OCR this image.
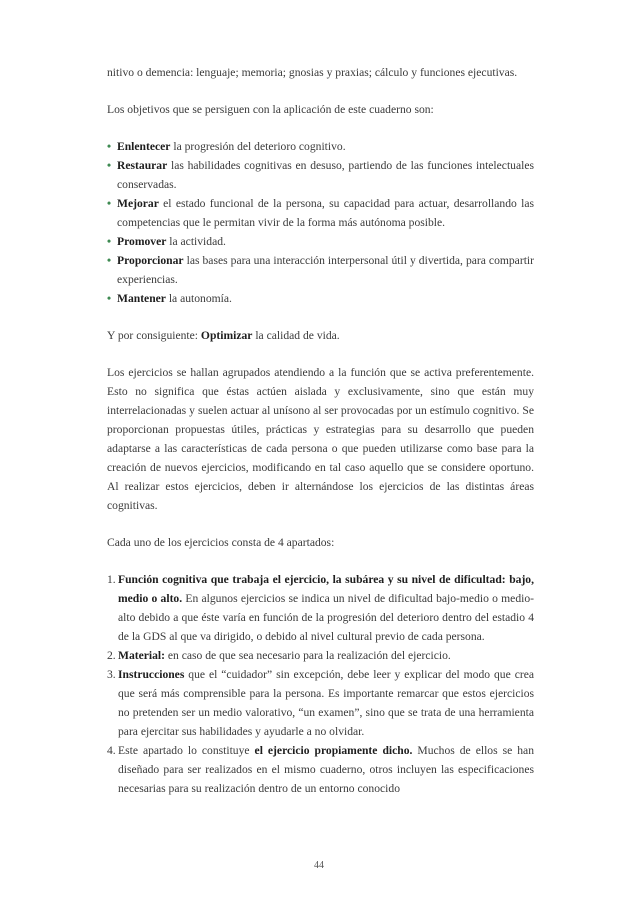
nitivo o demencia: lenguaje; memoria; gnosias y praxias; cálculo y funciones ejecutivas.

Los objetivos que se persiguen con la aplicación de este cuaderno son:

• Enlentecer la progresión del deterioro cognitivo.

• Restaurar las habilidades cognitivas en desuso, partiendo de las funciones intelectuales conservadas.

• Mejorar el estado funcional de la persona, su capacidad para actuar, desarrollando las competencias que le permitan vivir de la forma más autónoma posible.

• Promover la actividad.

• Proporcionar las bases para una interacción interpersonal útil y divertida, para compartir experiencias.

• Mantener la autonomía.

Y por consiguiente: Optimizar la calidad de vida.

Los ejercicios se hallan agrupados atendiendo a la función que se activa preferentemente. Esto no significa que éstas actúen aislada y exclusivamente, sino que están muy interrelacionadas y suelen actuar al unísono al ser provocadas por un estímulo cognitivo. Se proporcionan propuestas útiles, prácticas y estrategias para su desarrollo que pueden adaptarse a las características de cada persona o que pueden utilizarse como base para la creación de nuevos ejercicios, modificando en tal caso aquello que se considere oportuno. Al realizar estos ejercicios, deben ir alternándose los ejercicios de las distintas áreas cognitivas.

Cada uno de los ejercicios consta de 4 apartados:

1. Función cognitiva que trabaja el ejercicio, la subárea y su nivel de dificultad: bajo, medio o alto. En algunos ejercicios se indica un nivel de dificultad bajo-medio o medio-alto debido a que éste varía en función de la progresión del deterioro dentro del estadio 4 de la GDS al que va dirigido, o debido al nivel cultural previo de cada persona.

2. Material: en caso de que sea necesario para la realización del ejercicio.

3. Instrucciones que el “cuidador” sin excepción, debe leer y explicar del modo que crea que será más comprensible para la persona. Es importante remarcar que estos ejercicios no pretenden ser un medio valorativo, “un examen”, sino que se trata de una herramienta para ejercitar sus habilidades y ayudarle a no olvidar.

4. Este apartado lo constituye el ejercicio propiamente dicho. Muchos de ellos se han diseñado para ser realizados en el mismo cuaderno, otros incluyen las especificaciones necesarias para su realización dentro de un entorno conocido

44
